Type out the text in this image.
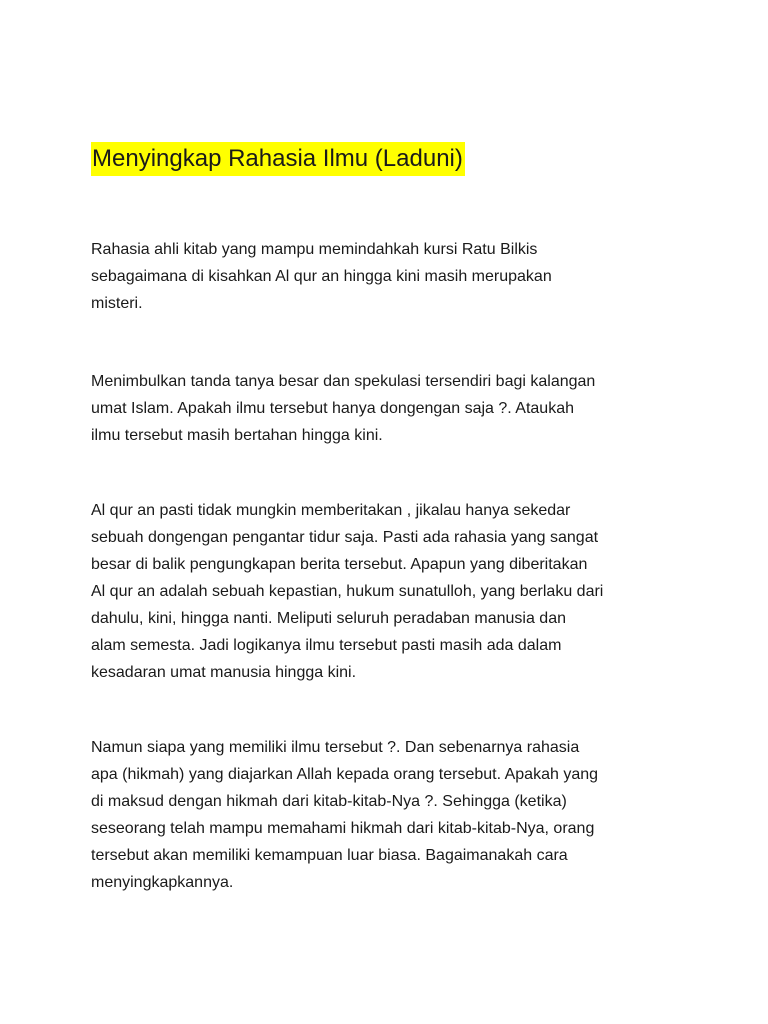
Menyingkap Rahasia Ilmu (Laduni)

Rahasia ahli kitab yang mampu memindahkah kursi Ratu Bilkis
sebagaimana di kisahkan Al qur an hingga kini masih merupakan
misteri.

Menimbulkan tanda tanya besar dan spekulasi tersendiri bagi kalangan
umat Islam. Apakah ilmu tersebut hanya dongengan saja ?. Ataukah
ilmu tersebut masih bertahan hingga kini.

Al qur an pasti tidak mungkin memberitakan , jikalau hanya sekedar
sebuah dongengan pengantar tidur saja. Pasti ada rahasia yang sangat
besar di balik pengungkapan berita tersebut. Apapun yang diberitakan
Al qur an adalah sebuah kepastian, hukum sunatulloh, yang berlaku dari
dahulu, kini, hingga nanti. Meliputi seluruh peradaban manusia dan
alam semesta. Jadi logikanya ilmu tersebut pasti masih ada dalam
kesadaran umat manusia hingga kini.

Namun siapa yang memiliki ilmu tersebut ?. Dan sebenarnya rahasia
apa (hikmah) yang diajarkan Allah kepada orang tersebut. Apakah yang
di maksud dengan hikmah dari kitab-kitab-Nya ?. Sehingga (ketika)
seseorang telah mampu memahami hikmah dari kitab-kitab-Nya, orang
tersebut akan memiliki kemampuan luar biasa. Bagaimanakah cara
menyingkapkannya.
